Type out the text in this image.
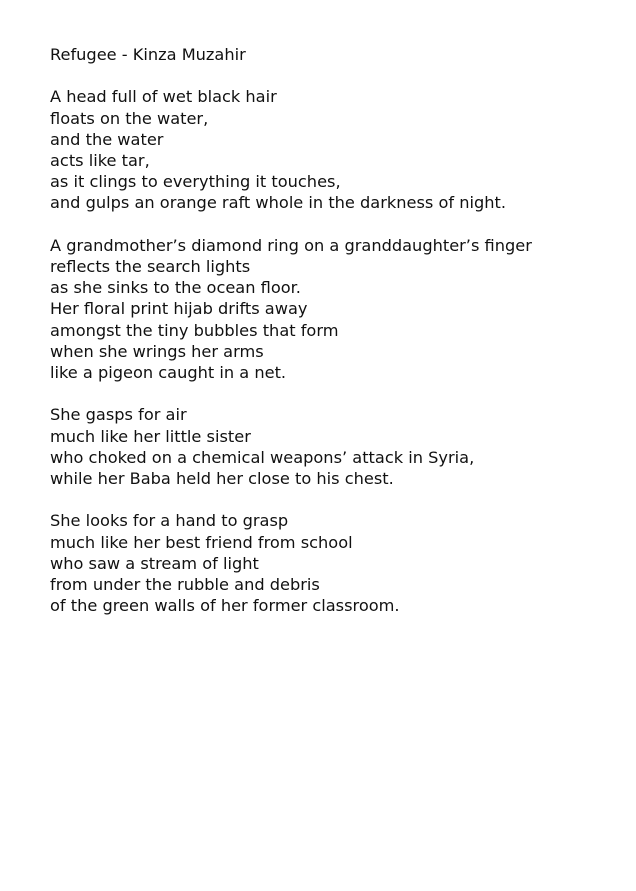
Refugee - Kinza Muzahir
A head full of wet black hair
floats on the water,
and the water
acts like tar,
as it clings to everything it touches,
and gulps an orange raft whole in the darkness of night.
A grandmother’s diamond ring on a granddaughter’s finger
reflects the search lights
as she sinks to the ocean floor.
Her floral print hijab drifts away
amongst the tiny bubbles that form
when she wrings her arms
like a pigeon caught in a net.
She gasps for air
much like her little sister
who choked on a chemical weapons’ attack in Syria,
while her Baba held her close to his chest.
She looks for a hand to grasp
much like her best friend from school
who saw a stream of light
from under the rubble and debris
of the green walls of her former classroom.
